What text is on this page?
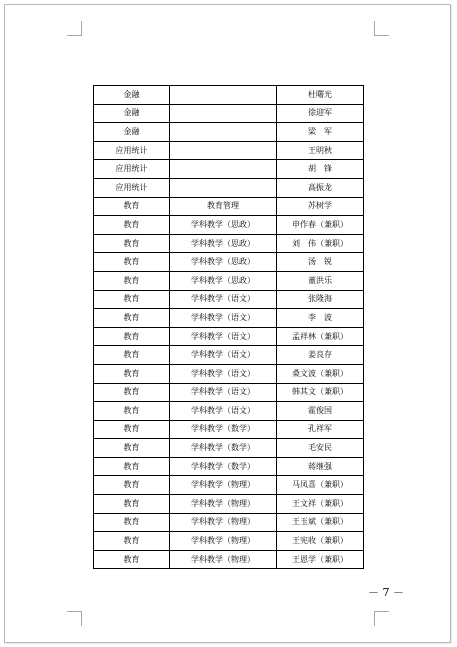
金融		杜曙光
金融		徐迎军
金融		梁　军
应用统计		王明秋
应用统计		胡　锋
应用统计		高振龙
教育	教育管理	苏树学
教育	学科教学（思政）	申作春（兼职）
教育	学科教学（思政）	刘　伟（兼职）
教育	学科教学（思政）	汤　锐
教育	学科教学（思政）	董洪乐
教育	学科教学（语文）	张隆海
教育	学科教学（语文）	李　波
教育	学科教学（语文）	孟祥林（兼职）
教育	学科教学（语文）	姜良存
教育	学科教学（语文）	桑文波（兼职）
教育	学科教学（语文）	韩其文（兼职）
教育	学科教学（语文）	霍俊国
教育	学科教学（数学）	孔祥军
教育	学科教学（数学）	毛安民
教育	学科教学（数学）	蒋继强
教育	学科教学（物理）	马凤喜（兼职）
教育	学科教学（物理）	王文祥（兼职）
教育	学科教学（物理）	王玉斌（兼职）
教育	学科教学（物理）	王宪收（兼职）
教育	学科教学（物理）	王恩学（兼职）
－ 7 －
